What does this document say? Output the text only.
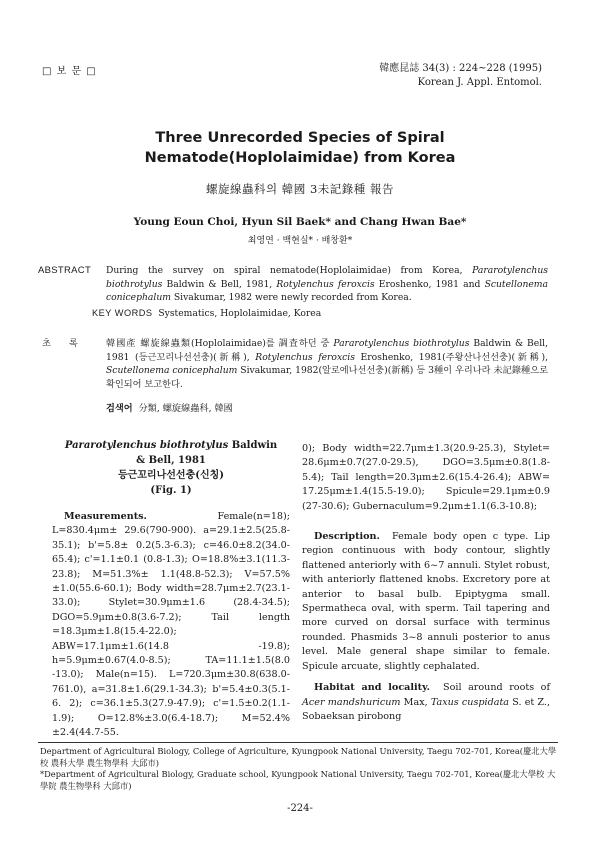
□ 보 문 □	韓應昆誌 34(3) : 224~228 (1995)
Korean J. Appl. Entomol.
Three Unrecorded Species of Spiral
Nematode(Hoplolaimidae) from Korea
螺旋線蟲科의 韓國 3未記錄種 報告
Young Eoun Choi, Hyun Sil Baek* and Chang Hwan Bae*
최영연 · 백현실* · 배창환*
ABSTRACT During the survey on spiral nematode(Hoplolaimidae) from Korea, Pararotylenchus biothrotylus Baldwin & Bell, 1981, Rotylenchus feroxcis Eroshenko, 1981 and Scutellonema conicephalum Sivakumar, 1982 were newly recorded from Korea.
KEY WORDS Systematics, Hoplolaimidae, Korea
초록 韓國產 螺旋線蟲類(Hoplolaimidae)를 調査하던 중 Pararotylenchus biothrotylus Baldwin & Bell, 1981 (등근꼬리나선선충)(新稱), Rotylenchus feroxcis Eroshenko, 1981(주왕산나선선충)(新稱), Scutellonema conicephalum Sivakumar, 1982(알로에나선선충)(新稱) 등 3種이 우리나라 未記錄種으로 확인되어 보고한다.
검색어 分類, 螺旋線蟲科, 韓國
Pararotylenchus biothrotylus Baldwin
& Bell, 1981
등근꼬리나선선충(신칭)
(Fig. 1)

Measurements.	Female(n=18); L=830.4μm± 29.6(790-900). a=29.1±2.5(25.8-35.1); b'=5.8± 0.2(5.3-6.3); c=46.0±8.2(34.0-65.4); c'=1.1±0.1 (0.8-1.3); O=18.8%±3.1(11.3-23.8); M=51.3%± 1.1(48.8-52.3); V=57.5%±1.0(55.6-60.1); Body width=28.7μm±2.7(23.1-33.0); Stylet=30.9μm±1.6 (28.4-34.5); DGO=5.9μm±0.8(3.6-7.2); Tail length =18.3μm±1.8(15.4-22.0); ABW=17.1μm±1.6(14.8 -19.8); h=5.9μm±0.67(4.0-8.5); TA=11.1±1.5(8.0 -13.0); Male(n=15). L=720.3μm±30.8(638.0- 761.0), a=31.8±1.6(29.1-34.3); b'=5.4±0.3(5.1-6. 2); c=36.1±5.3(27.9-47.9); c'=1.5±0.2(1.1-1.9); O=12.8%±3.0(6.4-18.7); M=52.4%±2.4(44.7-55.

0); Body width=22.7μm±1.3(20.9-25.3), Stylet= 28.6μm±0.7(27.0-29.5), DGO=3.5μm±0.8(1.8- 5.4); Tail length=20.3μm±2.6(15.4-26.4); ABW= 17.25μm±1.4(15.5-19.0); Spicule=29.1μm±0.9 (27-30.6); Gubernaculum=9.2μm±1.1(6.3-10.8);

Description. Female body open c type. Lip region continuous with body contour, slightly flattened anteriorly with 6~7 annuli. Stylet robust, with anteriorly flattened knobs. Excretory pore at anterior to basal bulb. Epiptygma small. Spermatheca oval, with sperm. Tail tapering and more curved on dorsal surface with terminus rounded. Phasmids 3~8 annuli posterior to anus level. Male general shape similar to female. Spicule arcuate, slightly cephalated.

Habitat and locality. Soil around roots of Acer mandshuricum Max, Taxus cuspidata S. et Z., Sobaeksan pirobong

Department of Agricultural Biology, College of Agriculture, Kyungpook National University, Taegu 702-701, Korea(慶北大學校 農科大學 農生物學科 大邱市)

*Department of Agricultural Biology, Graduate school, Kyungpook National University, Taegu 702-701, Korea(慶北大學校 大學院 農生物學科 大邱市)

-224-
